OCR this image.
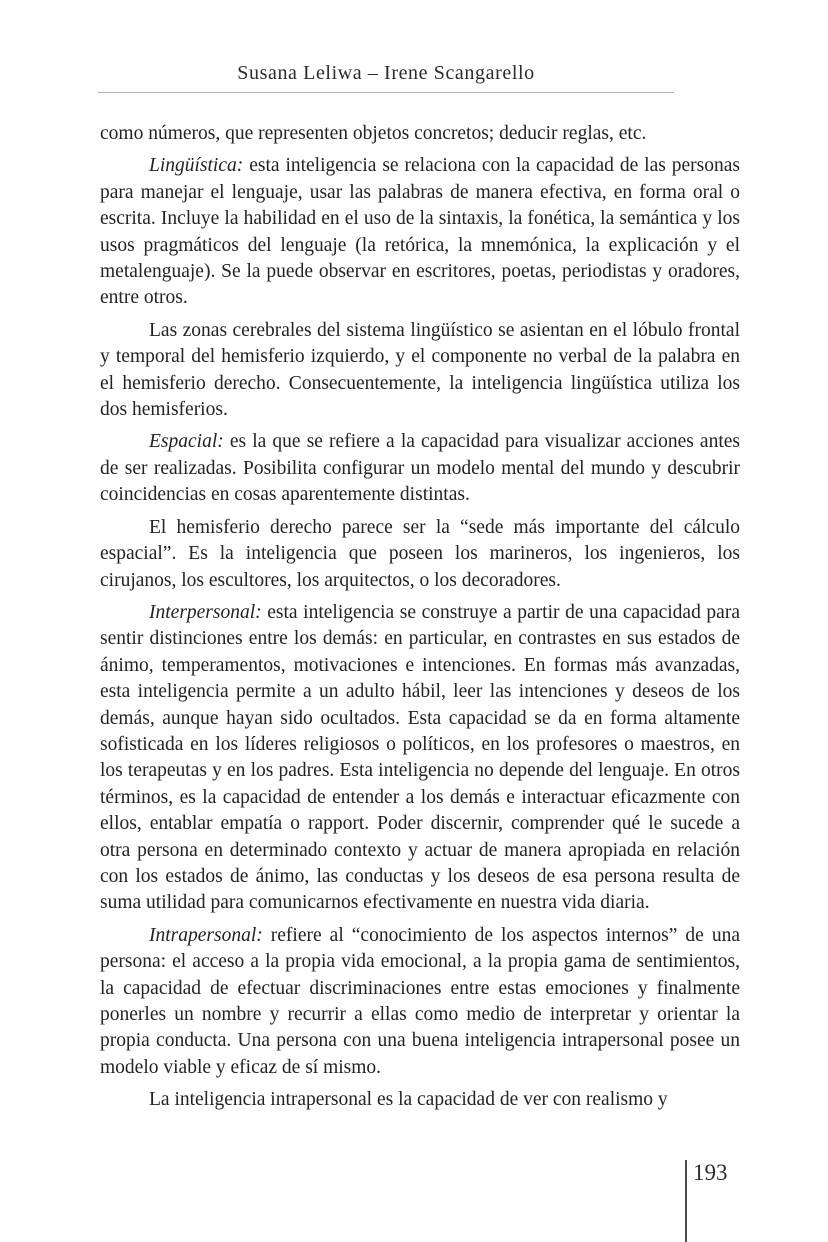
Susana Leliwa – Irene Scangarello

como números, que representen objetos concretos; deducir reglas, etc.

Lingüística: esta inteligencia se relaciona con la capacidad de las personas para manejar el lenguaje, usar las palabras de manera efectiva, en forma oral o escrita. Incluye la habilidad en el uso de la sintaxis, la fonética, la semántica y los usos pragmáticos del lenguaje (la retórica, la mnemónica, la explicación y el metalenguaje). Se la puede observar en escritores, poetas, periodistas y oradores, entre otros.

Las zonas cerebrales del sistema lingüístico se asientan en el lóbulo frontal y temporal del hemisferio izquierdo, y el componente no verbal de la palabra en el hemisferio derecho. Consecuentemente, la inteligencia lingüística utiliza los dos hemisferios.

Espacial: es la que se refiere a la capacidad para visualizar acciones antes de ser realizadas. Posibilita configurar un modelo mental del mundo y descubrir coincidencias en cosas aparentemente distintas.

El hemisferio derecho parece ser la “sede más importante del cálculo espacial”. Es la inteligencia que poseen los marineros, los ingenieros, los cirujanos, los escultores, los arquitectos, o los decoradores.

Interpersonal: esta inteligencia se construye a partir de una capacidad para sentir distinciones entre los demás: en particular, en contrastes en sus estados de ánimo, temperamentos, motivaciones e intenciones. En formas más avanzadas, esta inteligencia permite a un adulto hábil, leer las intenciones y deseos de los demás, aunque hayan sido ocultados. Esta capacidad se da en forma altamente sofisticada en los líderes religiosos o políticos, en los profesores o maestros, en los terapeutas y en los padres. Esta inteligencia no depende del lenguaje. En otros términos, es la capacidad de entender a los demás e interactuar eficazmente con ellos, entablar empatía o rapport. Poder discernir, comprender qué le sucede a otra persona en determinado contexto y actuar de manera apropiada en relación con los estados de ánimo, las conductas y los deseos de esa persona resulta de suma utilidad para comunicarnos efectivamente en nuestra vida diaria.

Intrapersonal: refiere al “conocimiento de los aspectos internos” de una persona: el acceso a la propia vida emocional, a la propia gama de sentimientos, la capacidad de efectuar discriminaciones entre estas emociones y finalmente ponerles un nombre y recurrir a ellas como medio de interpretar y orientar la propia conducta. Una persona con una buena inteligencia intrapersonal posee un modelo viable y eficaz de sí mismo.

La inteligencia intrapersonal es la capacidad de ver con realismo y

193
